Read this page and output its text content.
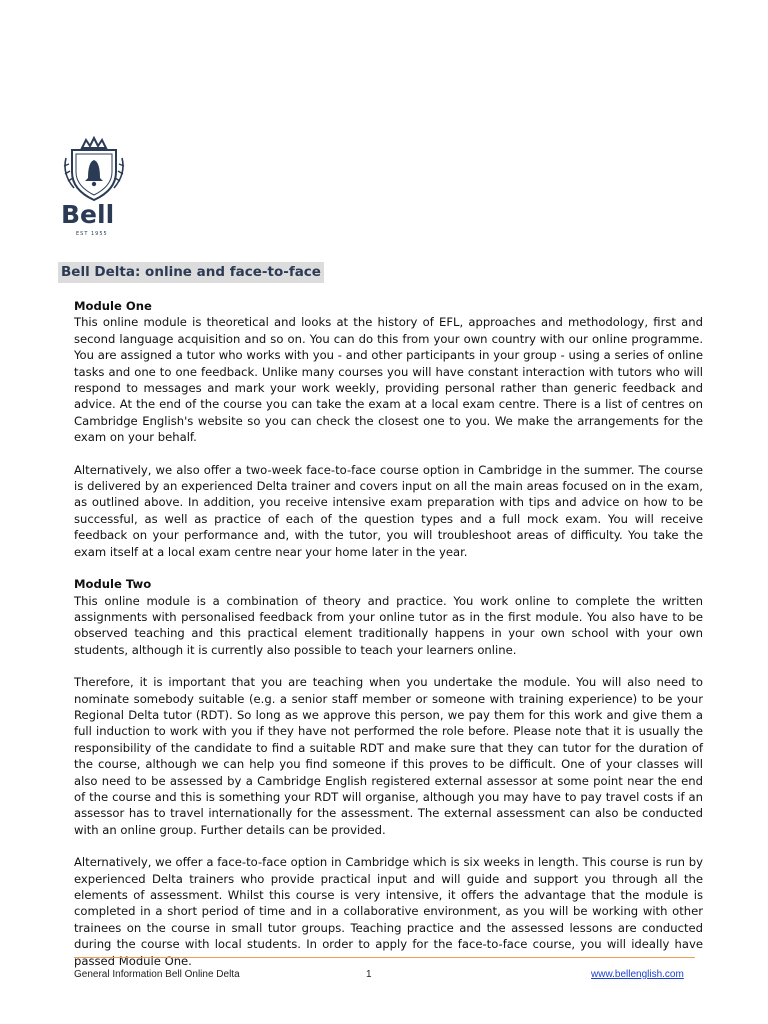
Bell
EST 1955
Bell Delta: online and face-to-face
Module One

This online module is theoretical and looks at the history of EFL, approaches and methodology, first and second language acquisition and so on. You can do this from your own country with our online programme. You are assigned a tutor who works with you - and other participants in your group - using a series of online tasks and one to one feedback. Unlike many courses you will have constant interaction with tutors who will respond to messages and mark your work weekly, providing personal rather than generic feedback and advice. At the end of the course you can take the exam at a local exam centre. There is a list of centres on Cambridge English's website so you can check the closest one to you. We make the arrangements for the exam on your behalf.

Alternatively, we also offer a two-week face-to-face course option in Cambridge in the summer. The course is delivered by an experienced Delta trainer and covers input on all the main areas focused on in the exam, as outlined above. In addition, you receive intensive exam preparation with tips and advice on how to be successful, as well as practice of each of the question types and a full mock exam. You will receive feedback on your performance and, with the tutor, you will troubleshoot areas of difficulty. You take the exam itself at a local exam centre near your home later in the year.

Module Two

This online module is a combination of theory and practice. You work online to complete the written assignments with personalised feedback from your online tutor as in the first module. You also have to be observed teaching and this practical element traditionally happens in your own school with your own students, although it is currently also possible to teach your learners online.

Therefore, it is important that you are teaching when you undertake the module. You will also need to nominate somebody suitable (e.g. a senior staff member or someone with training experience) to be your Regional Delta tutor (RDT). So long as we approve this person, we pay them for this work and give them a full induction to work with you if they have not performed the role before. Please note that it is usually the responsibility of the candidate to find a suitable RDT and make sure that they can tutor for the duration of the course, although we can help you find someone if this proves to be difficult. One of your classes will also need to be assessed by a Cambridge English registered external assessor at some point near the end of the course and this is something your RDT will organise, although you may have to pay travel costs if an assessor has to travel internationally for the assessment. The external assessment can also be conducted with an online group. Further details can be provided.

Alternatively, we offer a face-to-face option in Cambridge which is six weeks in length. This course is run by experienced Delta trainers who provide practical input and will guide and support you through all the elements of assessment. Whilst this course is very intensive, it offers the advantage that the module is completed in a short period of time and in a collaborative environment, as you will be working with other trainees on the course in small tutor groups. Teaching practice and the assessed lessons are conducted during the course with local students. In order to apply for the face-to-face course, you will ideally have passed Module One.

General Information Bell Online Delta	1	www.bellenglish.com
